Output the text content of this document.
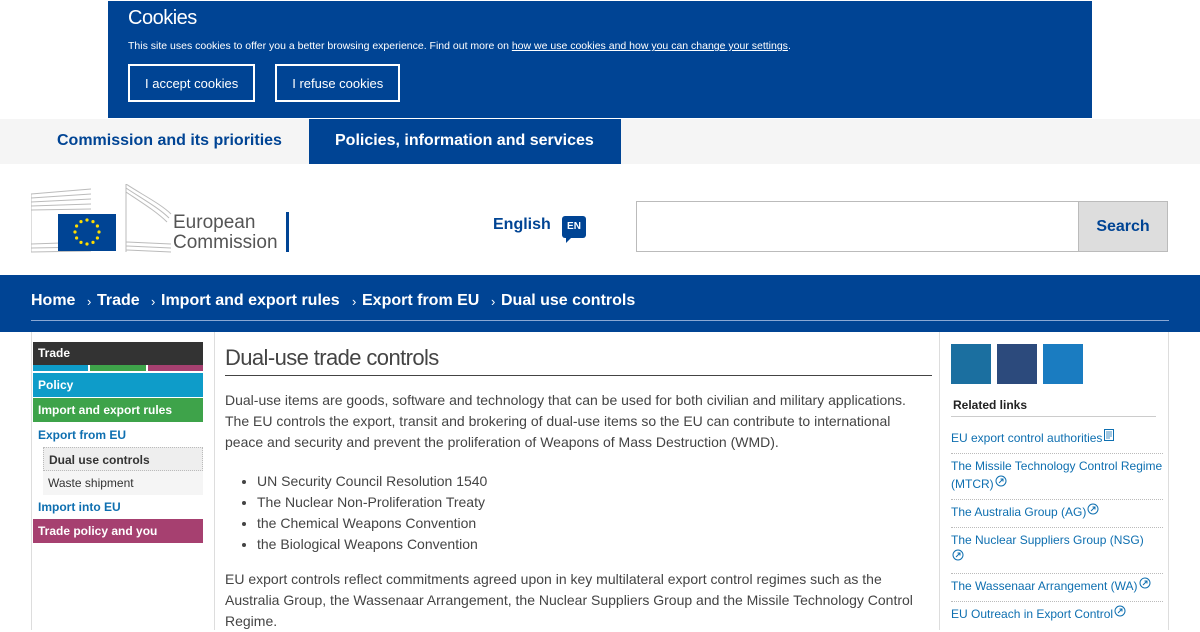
Cookies

This site uses cookies to offer you a better browsing experience. Find out more on how we use cookies and how you can change your settings.

I accept cookies	I refuse cookies
Commission and its priorities	Policies, information and services
European
Commission
English	EN	Search
Home › Trade › Import and export rules › Export from EU › Dual use controls
Trade
Policy
Import and export rules
Export from EU
Dual use controls
Waste shipment
Import into EU
Trade policy and you
Dual-use trade controls

Dual-use items are goods, software and technology that can be used for both civilian and military applications. The EU controls the export, transit and brokering of dual-use items so the EU can contribute to international peace and security and prevent the proliferation of Weapons of Mass Destruction (WMD).

• UN Security Council Resolution 1540
• The Nuclear Non-Proliferation Treaty
• the Chemical Weapons Convention
• the Biological Weapons Convention

EU export controls reflect commitments agreed upon in key multilateral export control regimes such as the Australia Group, the Wassenaar Arrangement, the Nuclear Suppliers Group and the Missile Technology Control Regime.

Related links
EU export control authorities
The Missile Technology Control Regime (MTCR)
The Australia Group (AG)
The Nuclear Suppliers Group (NSG)

The Wassenaar Arrangement (WA)
EU Outreach in Export Control
